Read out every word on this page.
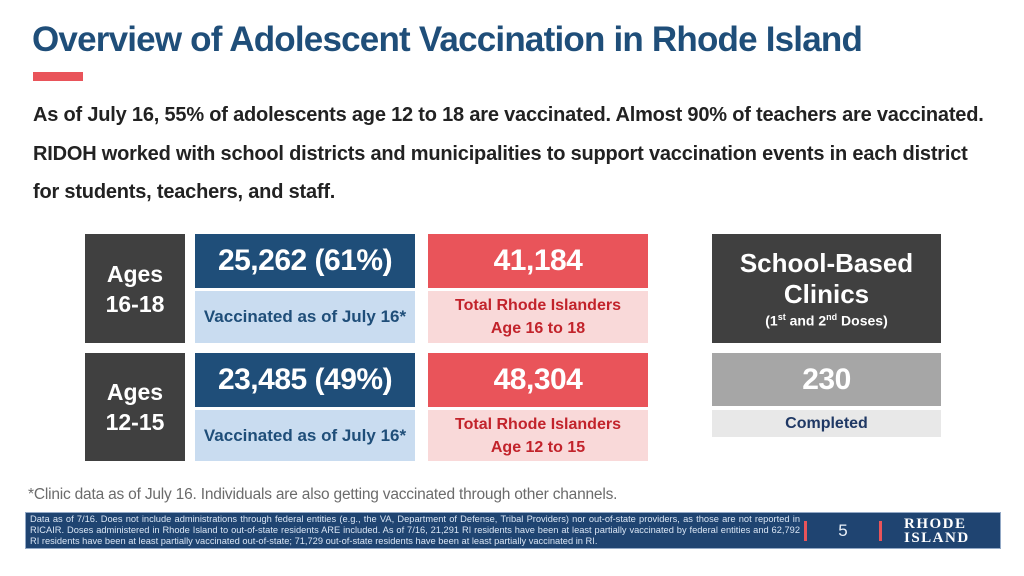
Overview of Adolescent Vaccination in Rhode Island
As of July 16, 55% of adolescents age 12 to 18 are vaccinated. Almost 90% of teachers are vaccinated. RIDOH worked with school districts and municipalities to support vaccination events in each district for students, teachers, and staff.
Ages
16-18
25,262 (61%)
Vaccinated as of July 16*
41,184
Total Rhode Islanders
Age 16 to 18
Ages
12-15
23,485 (49%)
Vaccinated as of July 16*
48,304
Total Rhode Islanders
Age 12 to 15
School-Based
Clinics
(1st and 2nd Doses)
230
Completed
*Clinic data as of July 16. Individuals are also getting vaccinated through other channels.
Data as of 7/16. Does not include administrations through federal entities (e.g., the VA, Department of Defense, Tribal Providers) nor out-of-state providers, as those are not reported in RICAIR. Doses administered in Rhode Island to out-of-state residents ARE included. As of 7/16, 21,291 RI residents have been at least partially vaccinated by federal entities and 62,792 RI residents have been at least partially vaccinated out-of-state; 71,729 out-of-state residents have been at least partially vaccinated in RI.
5	RHODE
ISLAND
